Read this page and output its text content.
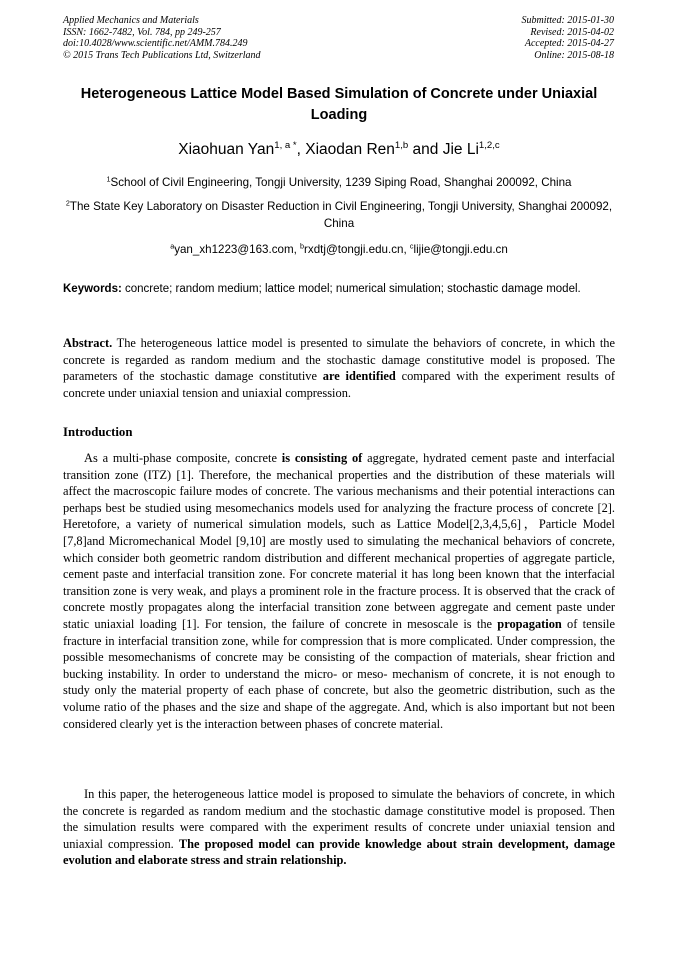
Applied Mechanics and Materials
ISSN: 1662-7482, Vol. 784, pp 249-257
doi:10.4028/www.scientific.net/AMM.784.249
© 2015 Trans Tech Publications Ltd, Switzerland
Submitted: 2015-01-30
Revised: 2015-04-02
Accepted: 2015-04-27
Online: 2015-08-18
Heterogeneous Lattice Model Based Simulation of Concrete under Uniaxial Loading
Xiaohuan Yan$^{1, a *}$, Xiaodan Ren$^{1,b}$ and Jie Li$^{1,2,c}$
$^1$School of Civil Engineering, Tongji University, 1239 Siping Road, Shanghai 200092, China
$^2$The State Key Laboratory on Disaster Reduction in Civil Engineering, Tongji University, Shanghai 200092, China
$^a$yan_xh1223@163.com, $^b$rxdtj@tongji.edu.cn, $^c$lijie@tongji.edu.cn
Keywords: concrete; random medium; lattice model; numerical simulation; stochastic damage model.

Abstract. The heterogeneous lattice model is presented to simulate the behaviors of concrete, in which the concrete is regarded as random medium and the stochastic damage constitutive model is proposed. The parameters of the stochastic damage constitutive are identified compared with the experiment results of concrete under uniaxial tension and uniaxial compression.

Introduction

As a multi-phase composite, concrete is consisting of aggregate, hydrated cement paste and interfacial transition zone (ITZ) [1]. Therefore, the mechanical properties and the distribution of these materials will affect the macroscopic failure modes of concrete. The various mechanisms and their potential interactions can perhaps best be studied using mesomechanics models used for analyzing the fracture process of concrete [2]. Heretofore, a variety of numerical simulation models, such as Lattice Model[2,3,4,5,6]，Particle Model [7,8]and Micromechanical Model [9,10] are mostly used to simulating the mechanical behaviors of concrete, which consider both geometric random distribution and different mechanical properties of aggregate particle, cement paste and interfacial transition zone. For concrete material it has long been known that the interfacial transition zone is very weak, and plays a prominent role in the fracture process. It is observed that the crack of concrete mostly propagates along the interfacial transition zone between aggregate and cement paste under static uniaxial loading [1]. For tension, the failure of concrete in mesoscale is the propagation of tensile fracture in interfacial transition zone, while for compression that is more complicated. Under compression, the possible mesomechanisms of concrete may be consisting of the compaction of materials, shear friction and bucking instability. In order to understand the micro- or meso- mechanism of concrete, it is not enough to study only the material property of each phase of concrete, but also the geometric distribution, such as the volume ratio of the phases and the size and shape of the aggregate. And, which is also important but not been considered clearly yet is the interaction between phases of concrete material.

In this paper, the heterogeneous lattice model is proposed to simulate the behaviors of concrete, in which the concrete is regarded as random medium and the stochastic damage constitutive model is proposed. Then the simulation results were compared with the experiment results of concrete under uniaxial tension and uniaxial compression. The proposed model can provide knowledge about strain development, damage evolution and elaborate stress and strain relationship.
